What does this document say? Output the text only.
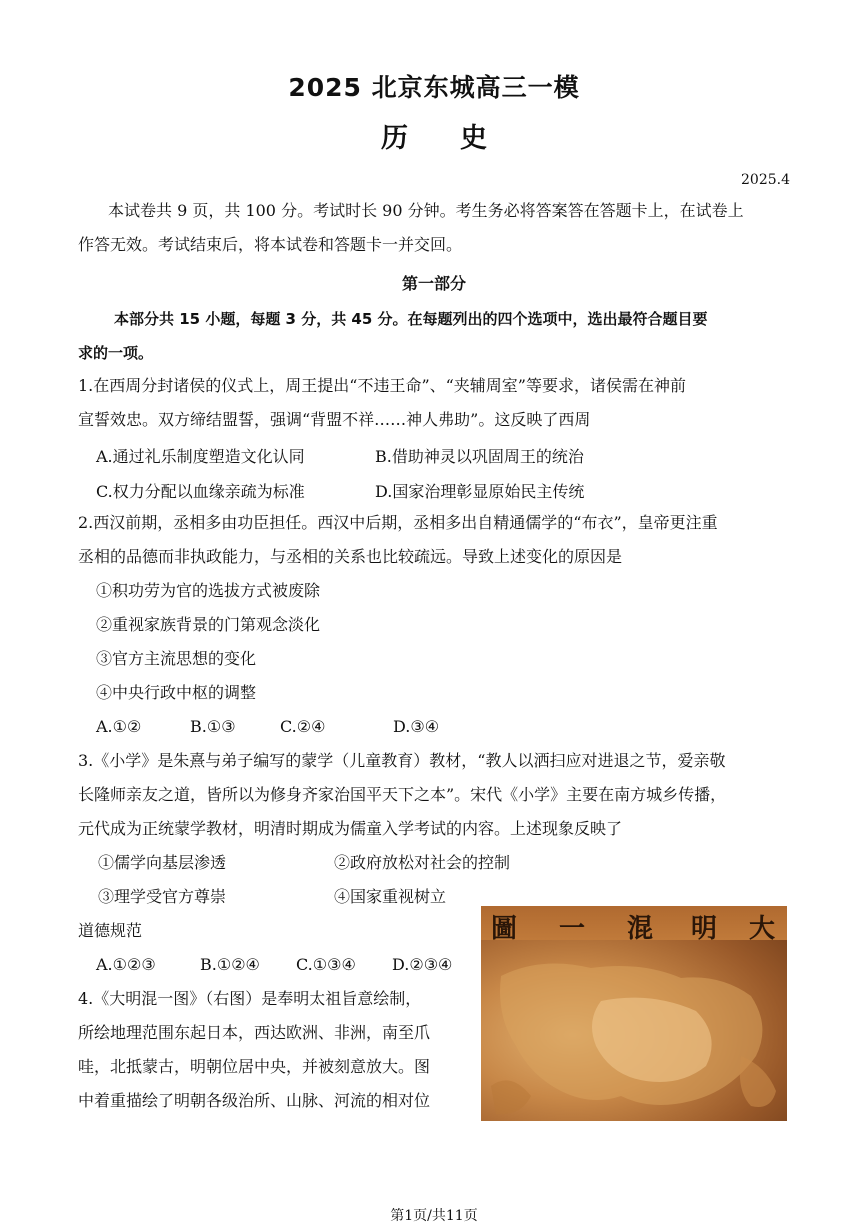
2025 北京东城高三一模
历 史
2025.4
本试卷共 9 页，共 100 分。考试时长 90 分钟。考生务必将答案答在答题卡上，在试卷上
作答无效。考试结束后，将本试卷和答题卡一并交回。
第一部分
本部分共 15 小题，每题 3 分，共 45 分。在每题列出的四个选项中，选出最符合题目要
求的一项。
1.在西周分封诸侯的仪式上，周王提出“不违王命”、“夹辅周室”等要求，诸侯需在神前
宣誓效忠。双方缔结盟誓，强调“背盟不祥……神人弗助”。这反映了西周
A.通过礼乐制度塑造文化认同	B.借助神灵以巩固周王的统治
C.权力分配以血缘亲疏为标准	D.国家治理彰显原始民主传统
2.西汉前期，丞相多由功臣担任。西汉中后期，丞相多出自精通儒学的“布衣”，皇帝更注重
丞相的品德而非执政能力，与丞相的关系也比较疏远。导致上述变化的原因是
①积功劳为官的选拔方式被废除
②重视家族背景的门第观念淡化
③官方主流思想的变化
④中央行政中枢的调整
A.①②	B.①③	C.②④	D.③④
3.《小学》是朱熹与弟子编写的蒙学（儿童教育）教材，“教人以洒扫应对进退之节，爱亲敬
长隆师亲友之道，皆所以为修身齐家治国平天下之本”。宋代《小学》主要在南方城乡传播，
元代成为正统蒙学教材，明清时期成为儒童入学考试的内容。上述现象反映了
①儒学向基层渗透	②政府放松对社会的控制
③理学受官方尊崇	④国家重视树立
道德规范
A.①②③	B.①②④ C.①③④ D.②③④
4.《大明混一图》（右图）是奉明太祖旨意绘制，
所绘地理范围东起日本，西达欧洲、非洲，南至爪
哇，北抵蒙古，明朝位居中央，并被刻意放大。图
中着重描绘了明朝各级治所、山脉、河流的相对位
圖 一 混 明 大
第1页/共11页
